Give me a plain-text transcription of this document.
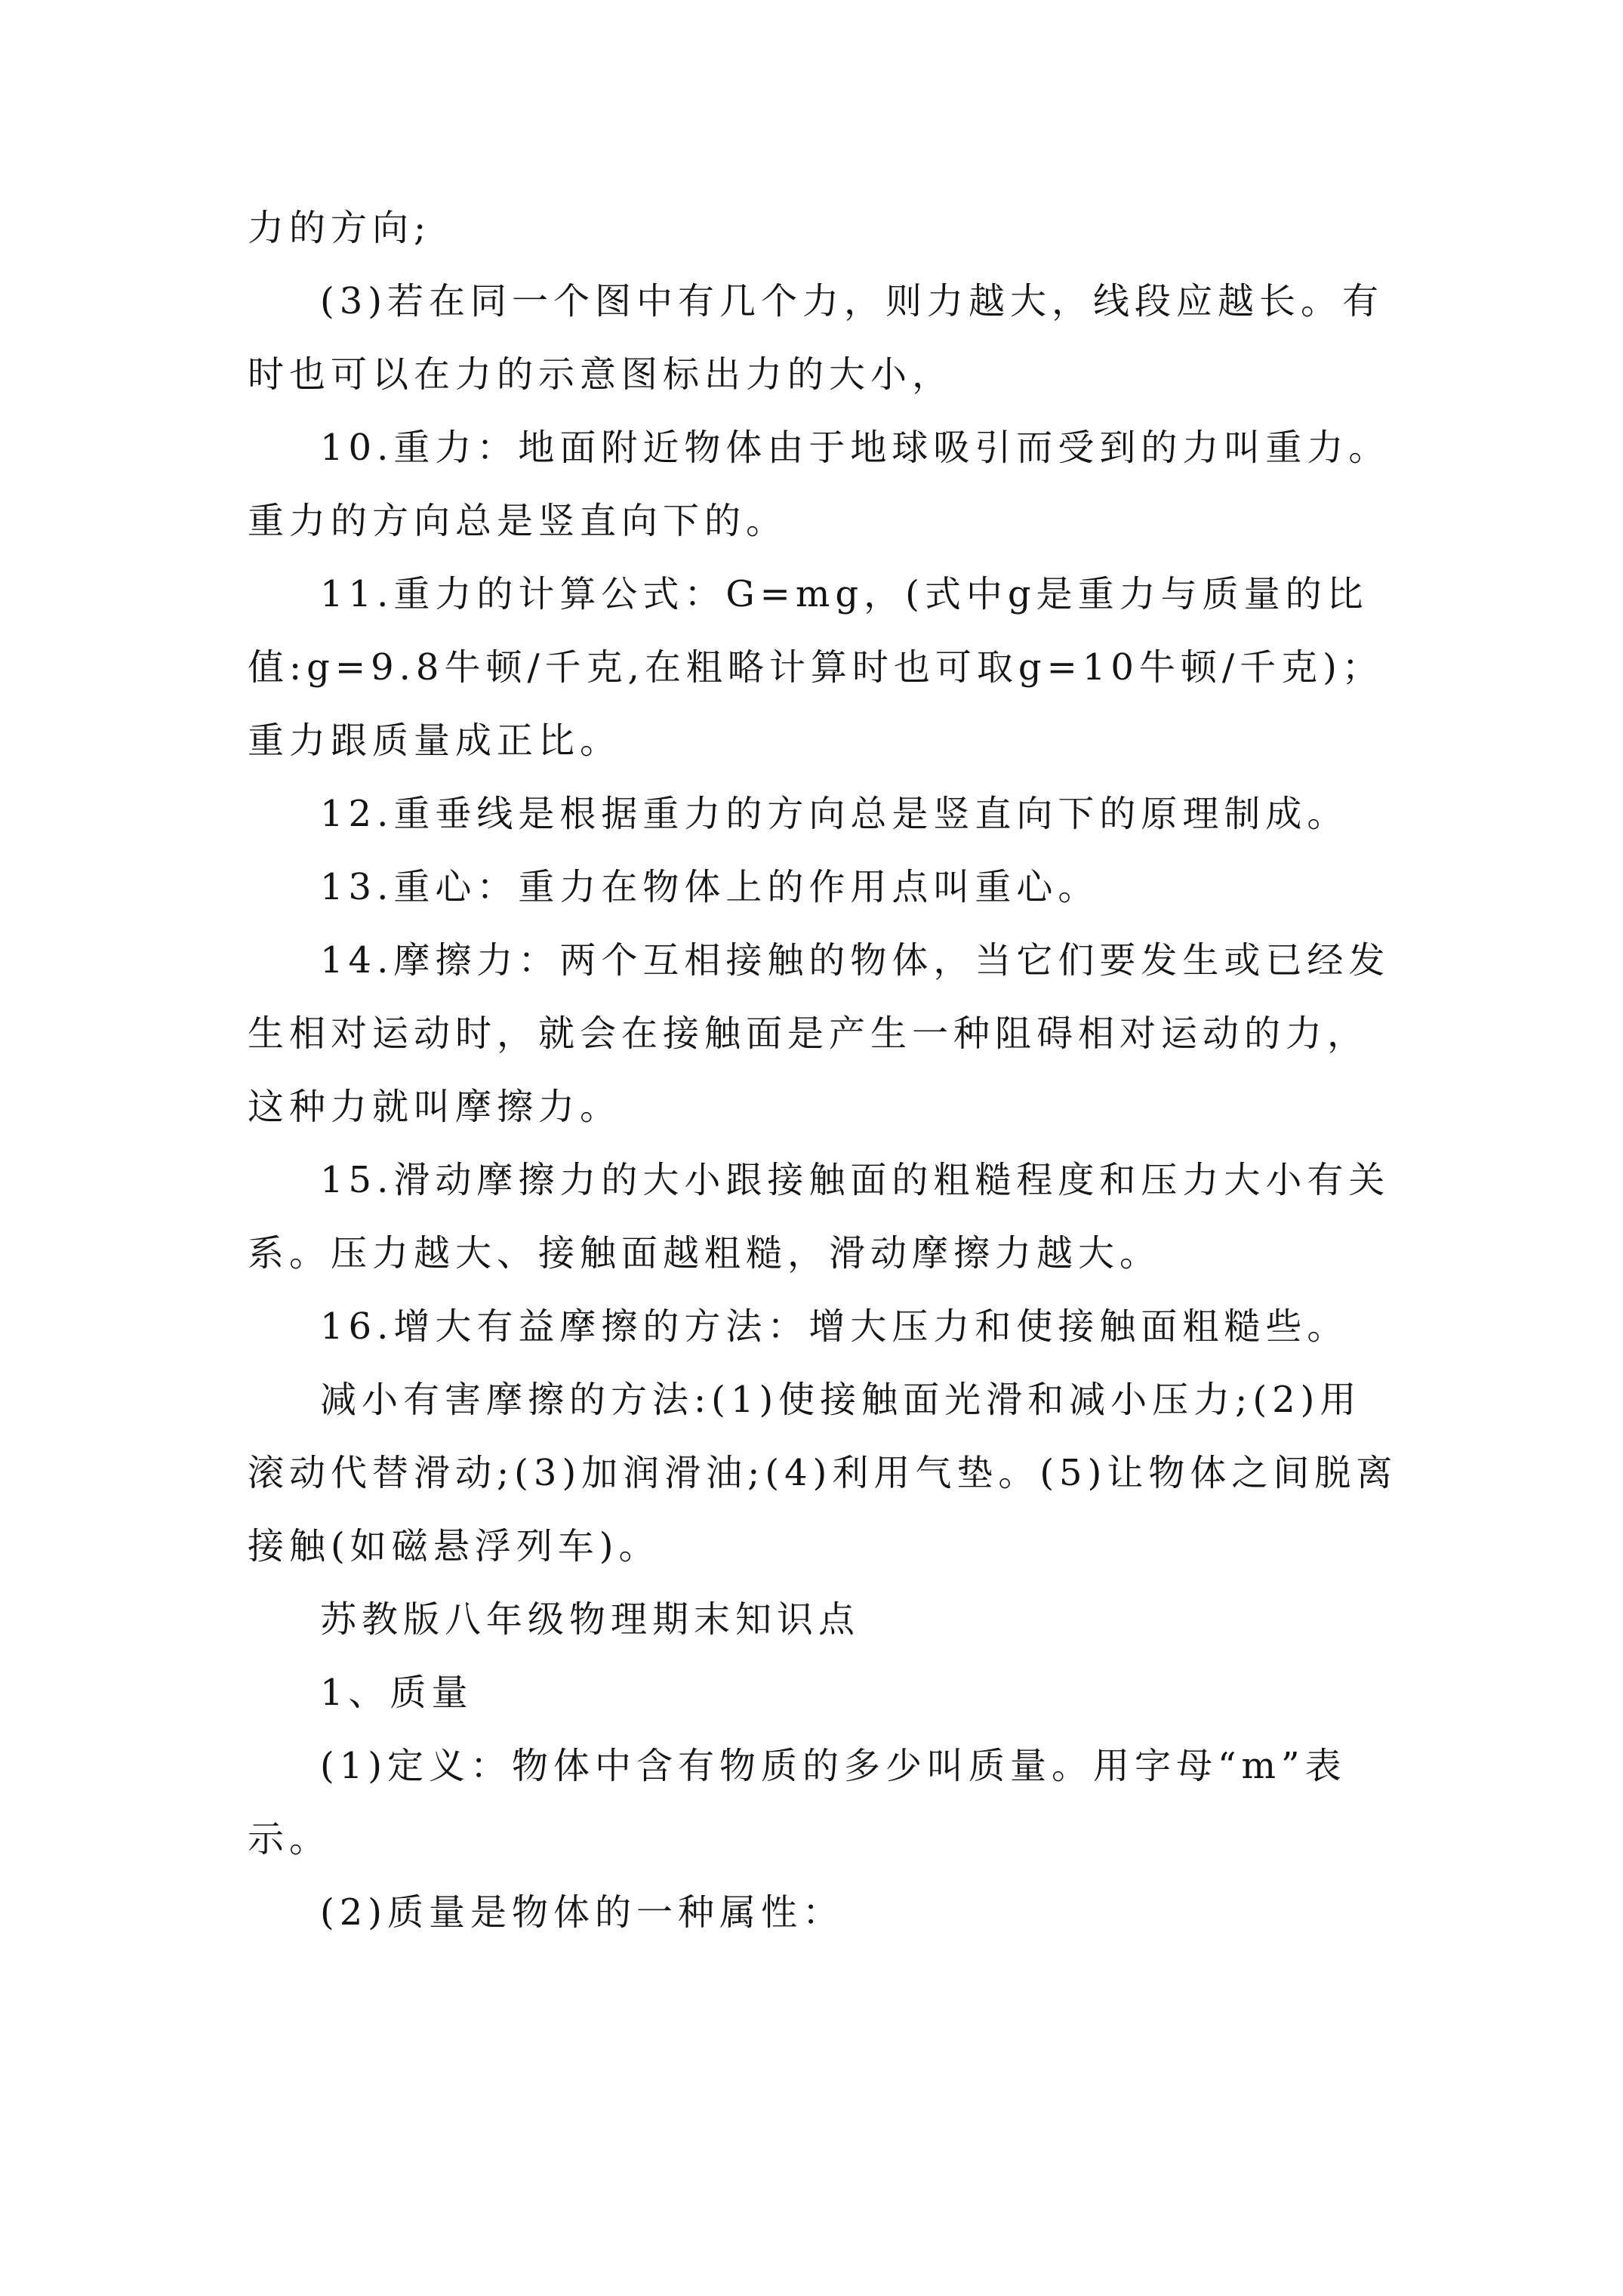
力的方向;

(3)若在同一个图中有几个力，则力越大，线段应越长。有时也可以在力的示意图标出力的大小，

10.重力：地面附近物体由于地球吸引而受到的力叫重力。重力的方向总是竖直向下的。

11.重力的计算公式：G=mg，(式中g是重力与质量的比值:g=9.8牛顿/千克,在粗略计算时也可取g=10牛顿/千克)；重力跟质量成正比。

12.重垂线是根据重力的方向总是竖直向下的原理制成。

13.重心：重力在物体上的作用点叫重心。

14.摩擦力：两个互相接触的物体，当它们要发生或已经发生相对运动时，就会在接触面是产生一种阻碍相对运动的力，这种力就叫摩擦力。

15.滑动摩擦力的大小跟接触面的粗糙程度和压力大小有关系。压力越大、接触面越粗糙，滑动摩擦力越大。

16.增大有益摩擦的方法：增大压力和使接触面粗糙些。

减小有害摩擦的方法:(1)使接触面光滑和减小压力;(2)用滚动代替滑动;(3)加润滑油;(4)利用气垫。(5)让物体之间脱离接触(如磁悬浮列车)。

苏教版八年级物理期末知识点

1、质量

(1)定义：物体中含有物质的多少叫质量。用字母“m”表示。

(2)质量是物体的一种属性：
